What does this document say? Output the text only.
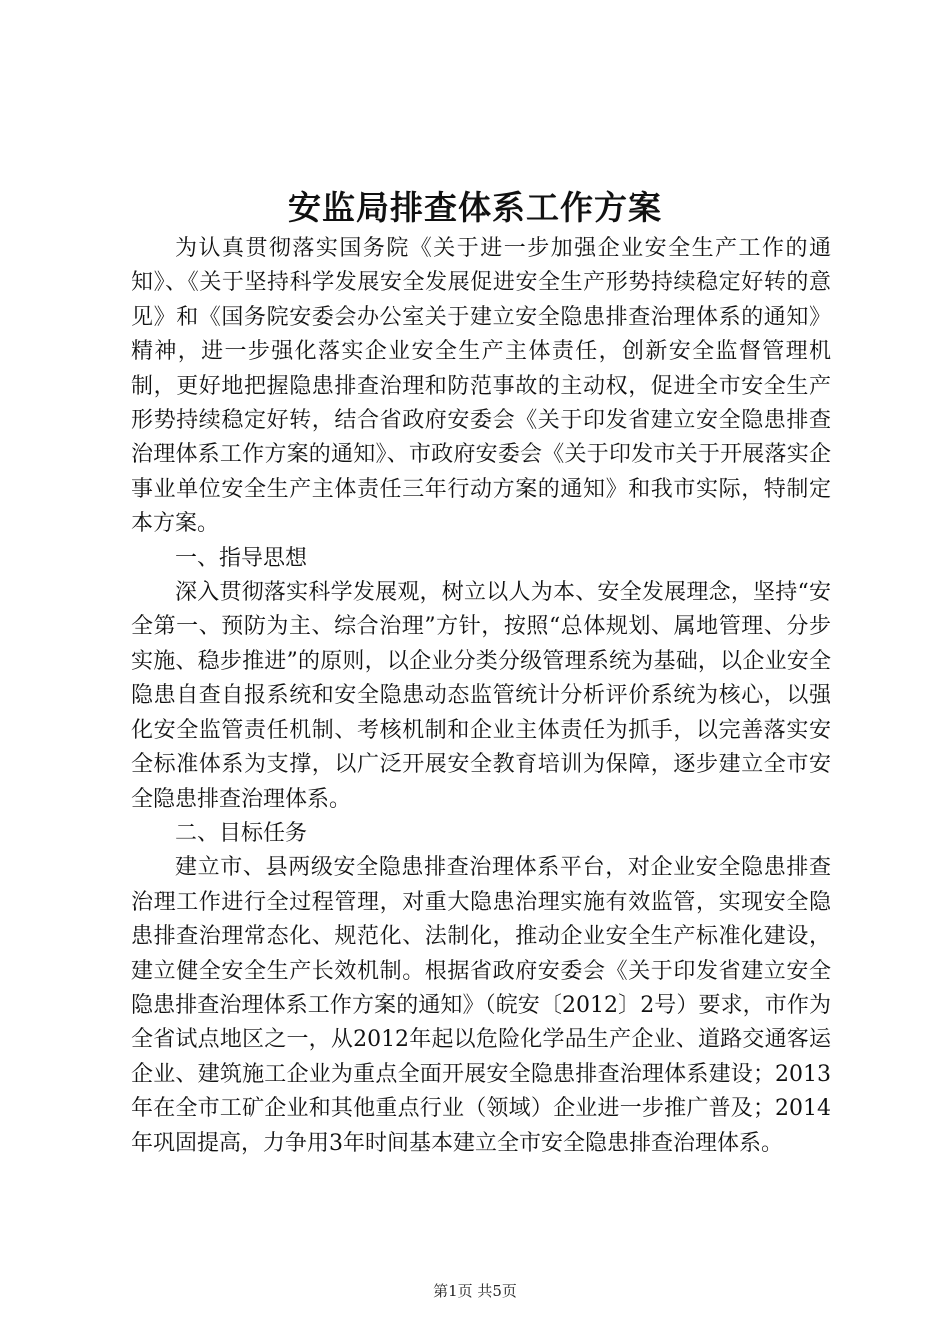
安监局排查体系工作方案

为认真贯彻落实国务院《关于进一步加强企业安全生产工作的通知》、《关于坚持科学发展安全发展促进安全生产形势持续稳定好转的意见》和《国务院安委会办公室关于建立安全隐患排查治理体系的通知》精神，进一步强化落实企业安全生产主体责任，创新安全监督管理机制，更好地把握隐患排查治理和防范事故的主动权，促进全市安全生产形势持续稳定好转，结合省政府安委会《关于印发省建立安全隐患排查治理体系工作方案的通知》、市政府安委会《关于印发市关于开展落实企事业单位安全生产主体责任三年行动方案的通知》和我市实际，特制定本方案。

一、指导思想

深入贯彻落实科学发展观，树立以人为本、安全发展理念，坚持“安全第一、预防为主、综合治理”方针，按照“总体规划、属地管理、分步实施、稳步推进”的原则，以企业分类分级管理系统为基础，以企业安全隐患自查自报系统和安全隐患动态监管统计分析评价系统为核心，以强化安全监管责任机制、考核机制和企业主体责任为抓手，以完善落实安全标准体系为支撑，以广泛开展安全教育培训为保障，逐步建立全市安全隐患排查治理体系。

二、目标任务

建立市、县两级安全隐患排查治理体系平台，对企业安全隐患排查治理工作进行全过程管理，对重大隐患治理实施有效监管，实现安全隐患排查治理常态化、规范化、法制化，推动企业安全生产标准化建设，建立健全安全生产长效机制。根据省政府安委会《关于印发省建立安全隐患排查治理体系工作方案的通知》（皖安〔2012〕2号）要求，市作为全省试点地区之一，从2012年起以危险化学品生产企业、道路交通客运企业、建筑施工企业为重点全面开展安全隐患排查治理体系建设；2013年在全市工矿企业和其他重点行业（领域）企业进一步推广普及；2014年巩固提高，力争用3年时间基本建立全市安全隐患排查治理体系。

第1页 共5页
